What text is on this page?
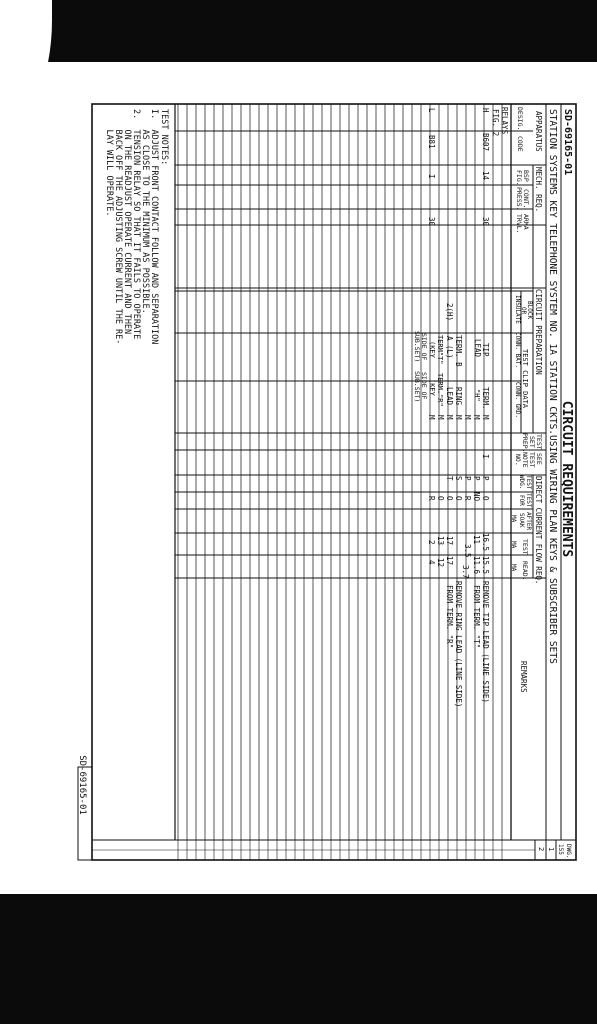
SD-69165-01
CIRCUIT REQUIREMENTS
STATION SYSTEMS KEY TELEPHONE SYSTEM NO. 1A STATION CKTS.USING WIRING PLAN KEYS & SUBSCRIBER SETS
DWG.
155
1
2
APPARATUS
MECH. REQ.
CIRCUIT PREPARATION
TEST
SET
PREP.
SEE
TEST
NOTE
NO.
DIRECT CURRENT FLOW REQ.
REMARKS
DESIG.
CODE
BSP
FIG.
CONT.
PRESS.
ARMA
TRVL.
BLOCK
OR
INSULATE
TEST CLIP DATA
CONN. BAT.
CONN. GRD.
TEST
WDG.
TEST
FOR
AFTER
SOAK
MA
TEST
MA
READ.
MA
RELAYS
FIG. 2
H
B607
14
30
TIP
LEAD
TERM.
"H"
M
I
P
O
16.5
15.5
REMOVE TIP LEAD (LINE SIDE)
M
P
NO
11
11.6
FROM TERM. "T"
M
P
R
3.5
3.7
TERM. B
RING
M
S
O
REMOVE RING LEAD (LINE SIDE)
2(H)
A (L)
LEAD
M
T
O
17
17
FROM TERM. "R"
L
B81
I
30
TERM"T"
TERM."R"
M
O
13
12
(KEY
(KEY
M
R
2
4
SIDE OF
SIDE OF
SUB.SET)
SUB.SET)
TEST NOTES:
I.  ADJUST FRONT CONTACT FOLLOW AND SEPARATION
AS CLOSE TO THE MINIMUM AS POSSIBLE.
2.  TENSION RELAY SO THAT IT FAILS TO OPERATE
ON THE READJUST OPERATE CURRENT AND THEN
BACK OFF THE ADJUSTING SCREW UNTIL THE RE-
LAY WILL OPERATE.
SD-69165-01
